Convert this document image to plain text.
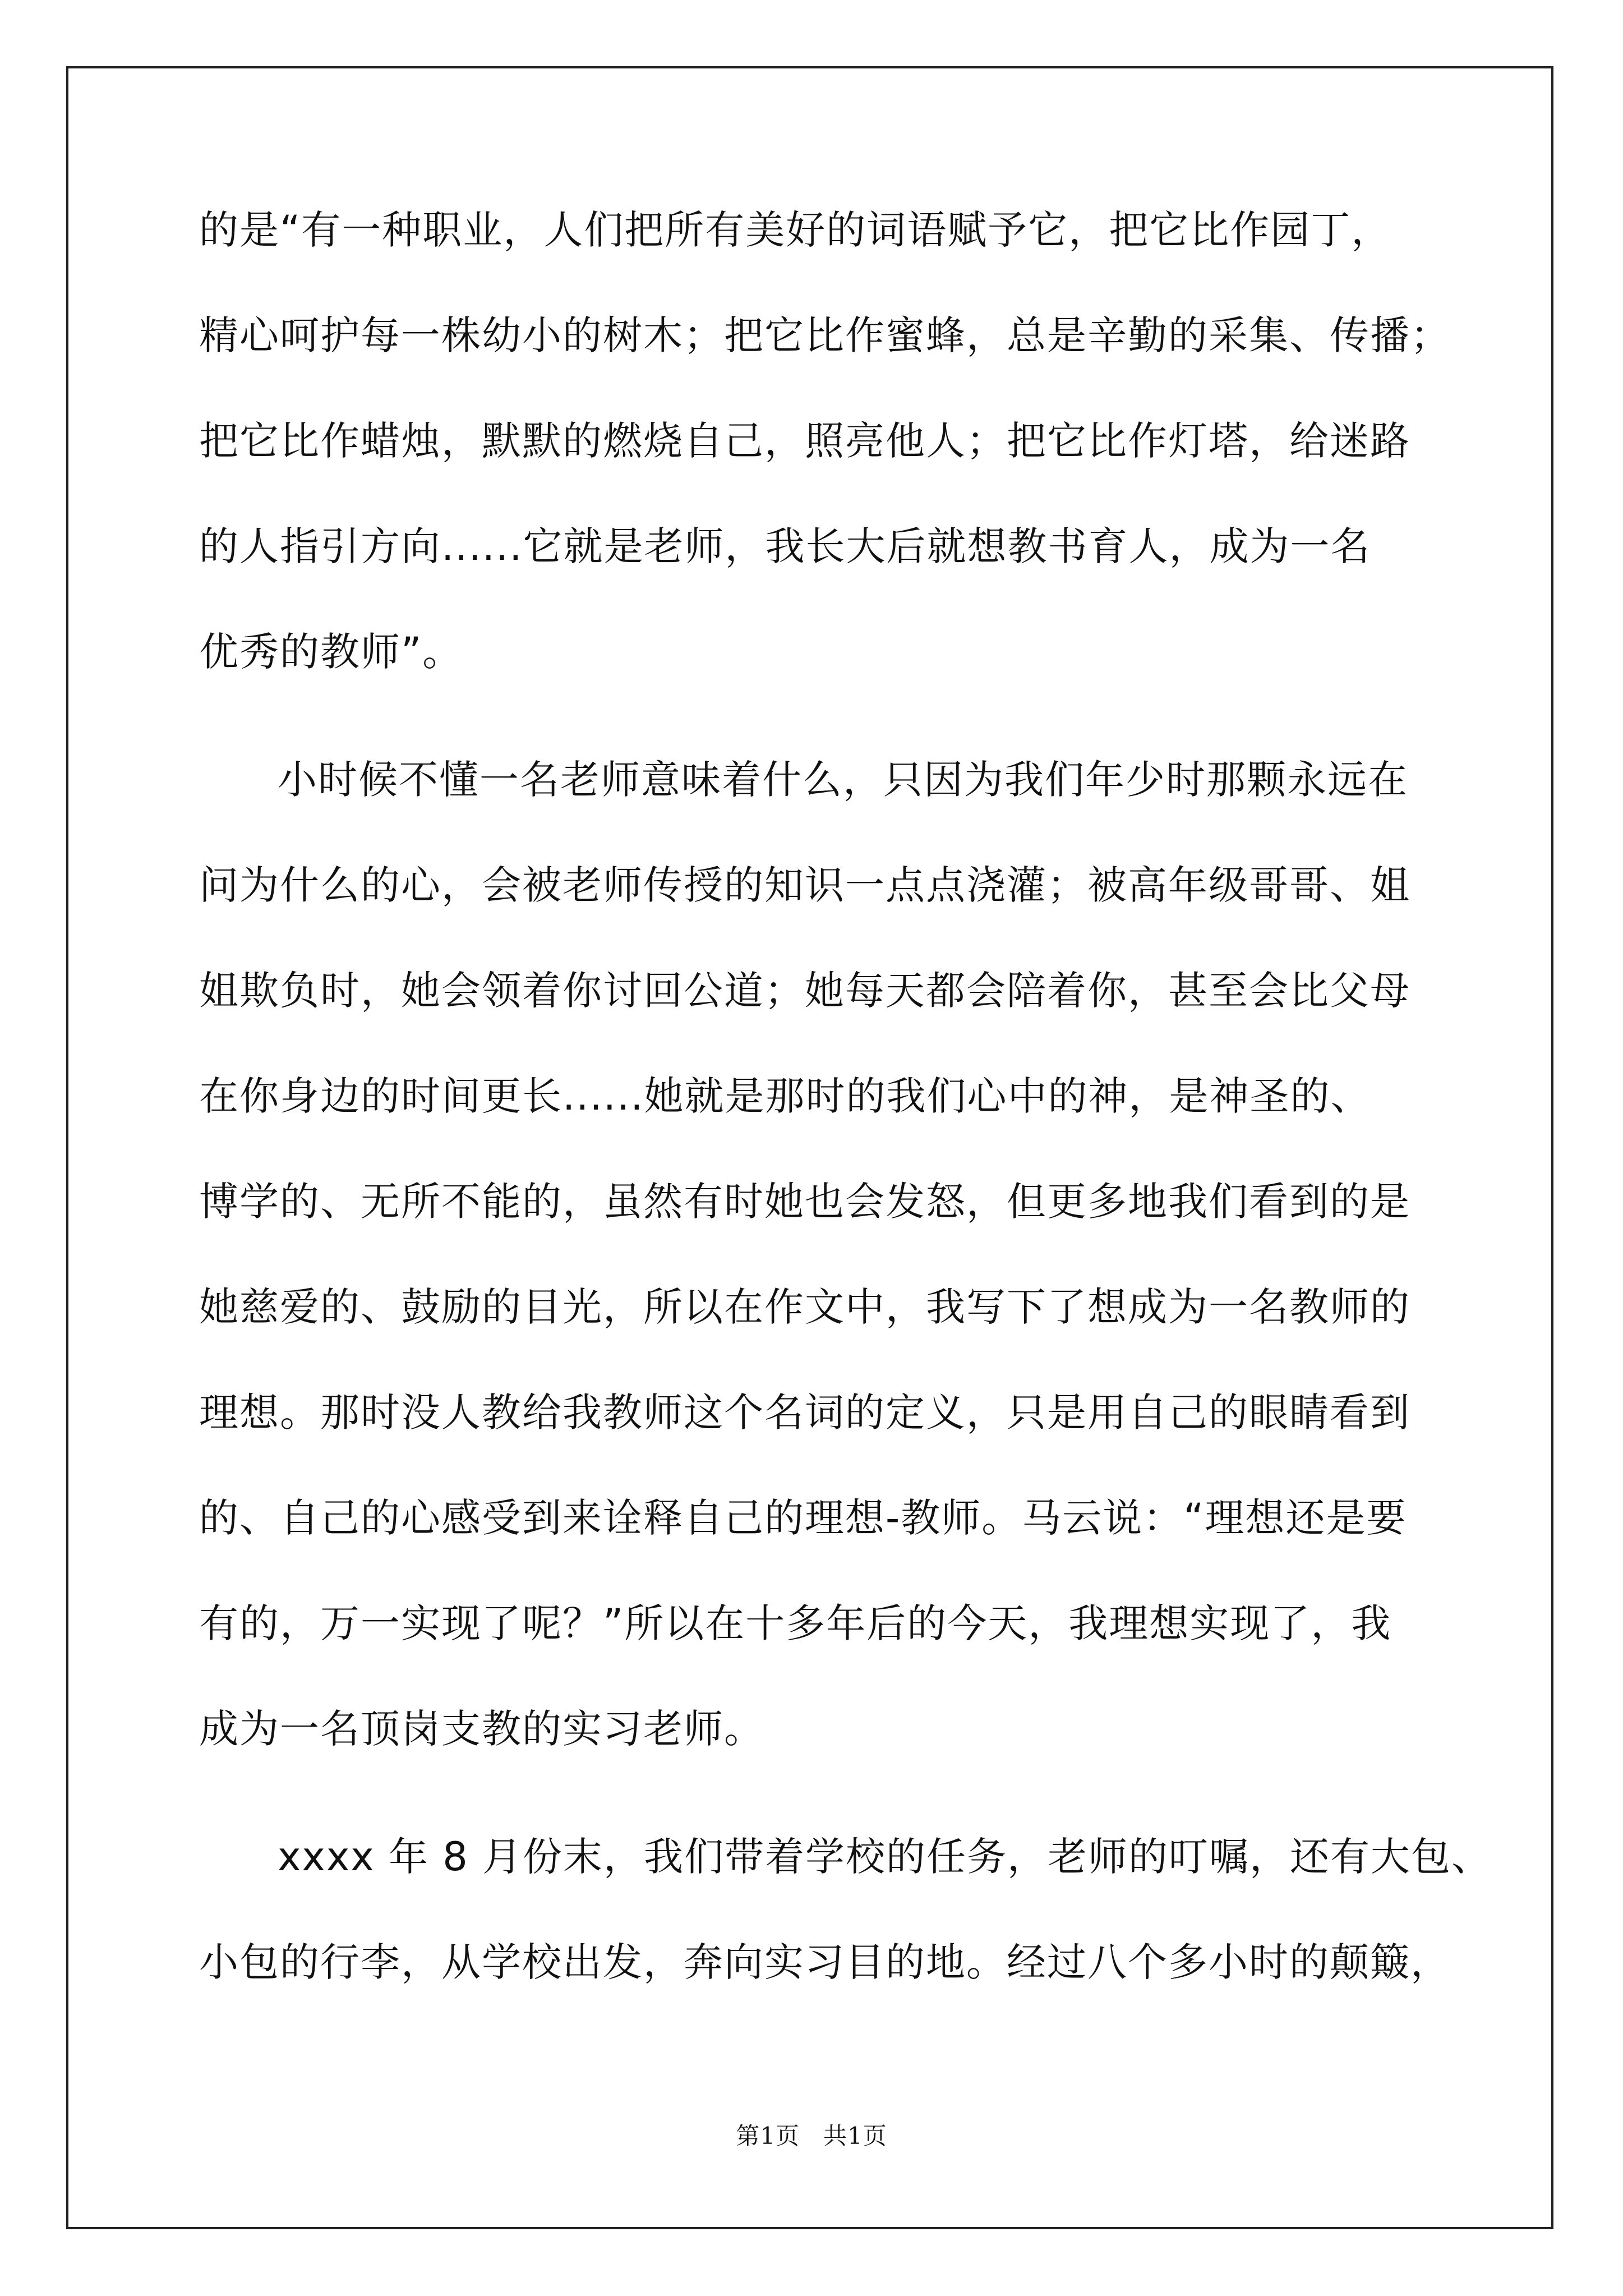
的是“有一种职业，人们把所有美好的词语赋予它，把它比作园丁，
精心呵护每一株幼小的树木；把它比作蜜蜂，总是辛勤的采集、传播；
把它比作蜡烛，默默的燃烧自己，照亮他人；把它比作灯塔，给迷路
的人指引方向......它就是老师，我长大后就想教书育人，成为一名
优秀的教师”。
小时候不懂一名老师意味着什么，只因为我们年少时那颗永远在
问为什么的心，会被老师传授的知识一点点浇灌；被高年级哥哥、姐
姐欺负时，她会领着你讨回公道；她每天都会陪着你，甚至会比父母
在你身边的时间更长......她就是那时的我们心中的神，是神圣的、
博学的、无所不能的，虽然有时她也会发怒，但更多地我们看到的是
她慈爱的、鼓励的目光，所以在作文中，我写下了想成为一名教师的
理想。那时没人教给我教师这个名词的定义，只是用自己的眼睛看到
的、自己的心感受到来诠释自己的理想-教师。马云说：“理想还是要
有的，万一实现了呢？”所以在十多年后的今天，我理想实现了，我
成为一名顶岗支教的实习老师。
xxxx 年 8 月份末，我们带着学校的任务，老师的叮嘱，还有大包、
小包的行李，从学校出发，奔向实习目的地。经过八个多小时的颠簸，
第1页 共1页
